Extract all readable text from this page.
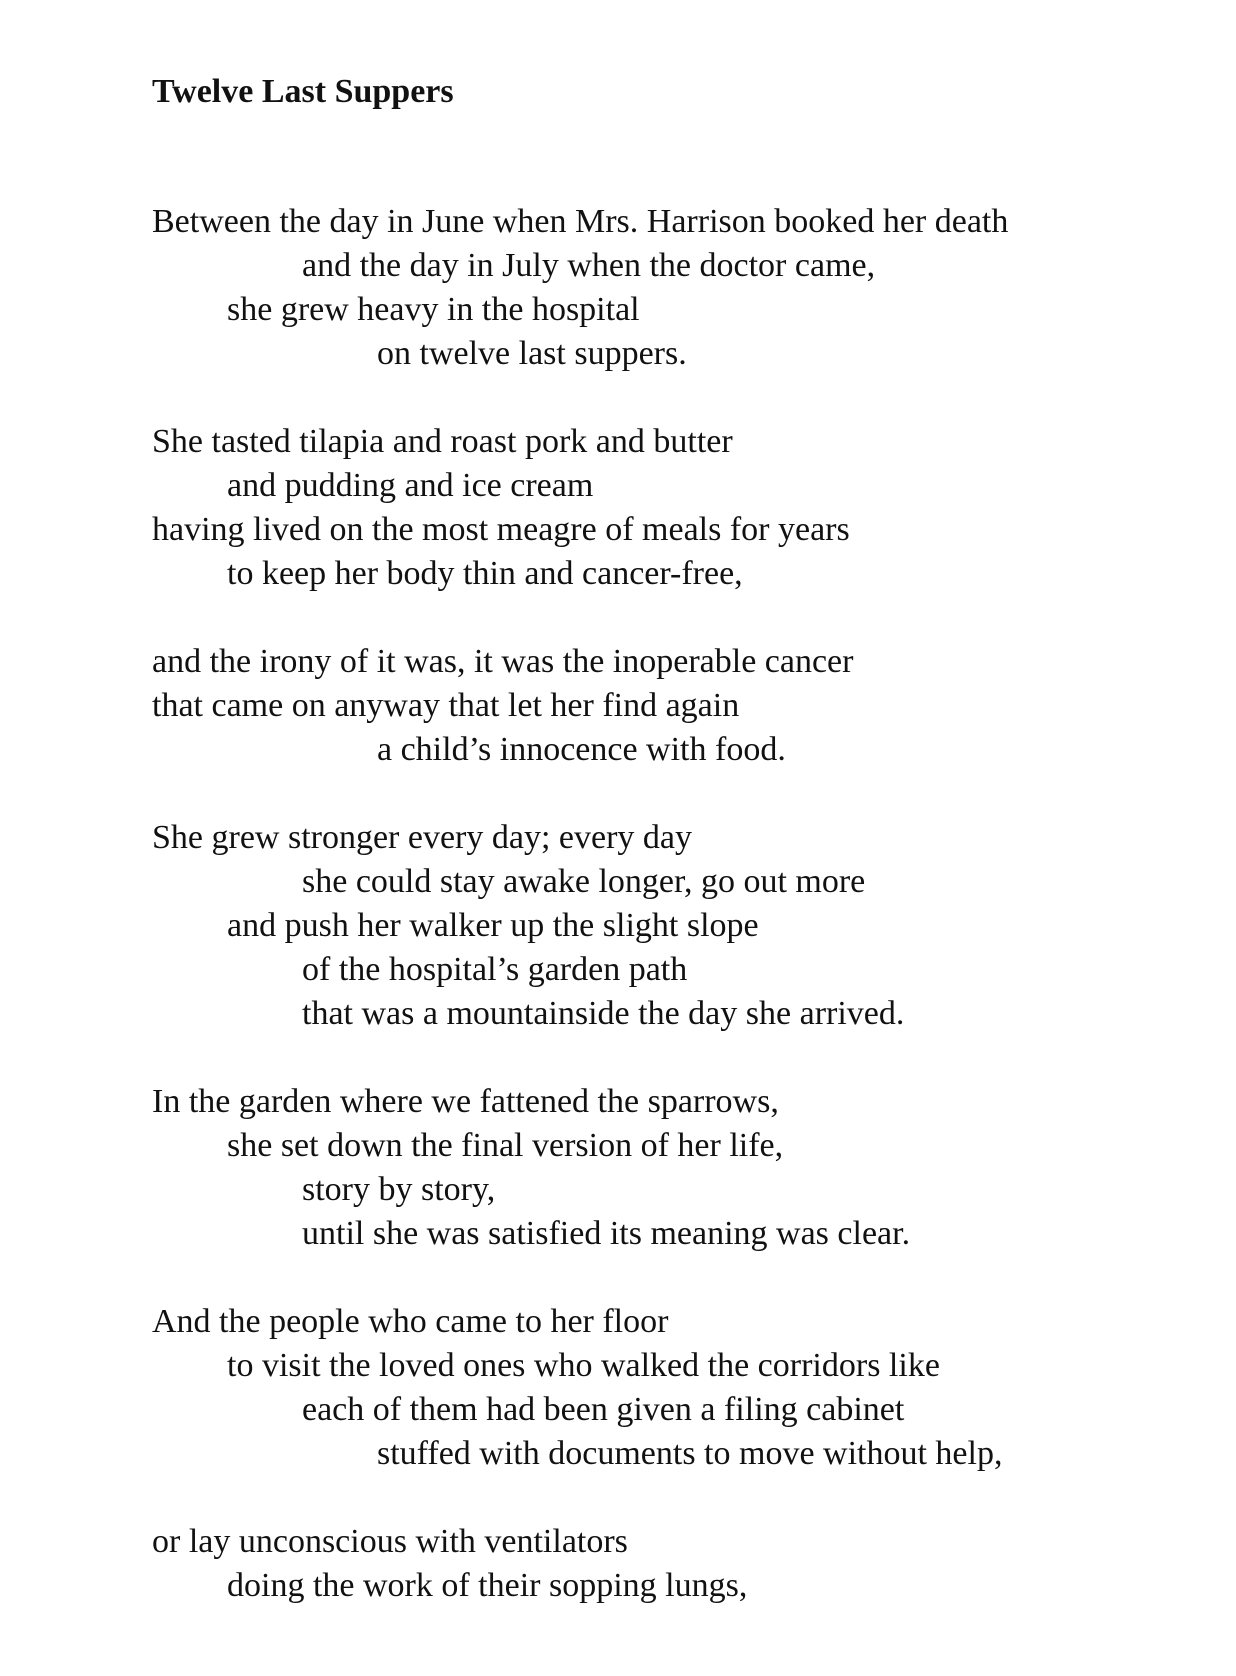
Twelve Last Suppers
Between the day in June when Mrs. Harrison booked her death
and the day in July when the doctor came,
she grew heavy in the hospital
on twelve last suppers.
She tasted tilapia and roast pork and butter
and pudding and ice cream
having lived on the most meagre of meals for years
to keep her body thin and cancer-free,
and the irony of it was, it was the inoperable cancer
that came on anyway that let her find again
a child’s innocence with food.
She grew stronger every day; every day
she could stay awake longer, go out more
and push her walker up the slight slope
of the hospital’s garden path
that was a mountainside the day she arrived.
In the garden where we fattened the sparrows,
she set down the final version of her life,
story by story,
until she was satisfied its meaning was clear.
And the people who came to her floor
to visit the loved ones who walked the corridors like
each of them had been given a filing cabinet
stuffed with documents to move without help,
or lay unconscious with ventilators
doing the work of their sopping lungs,
